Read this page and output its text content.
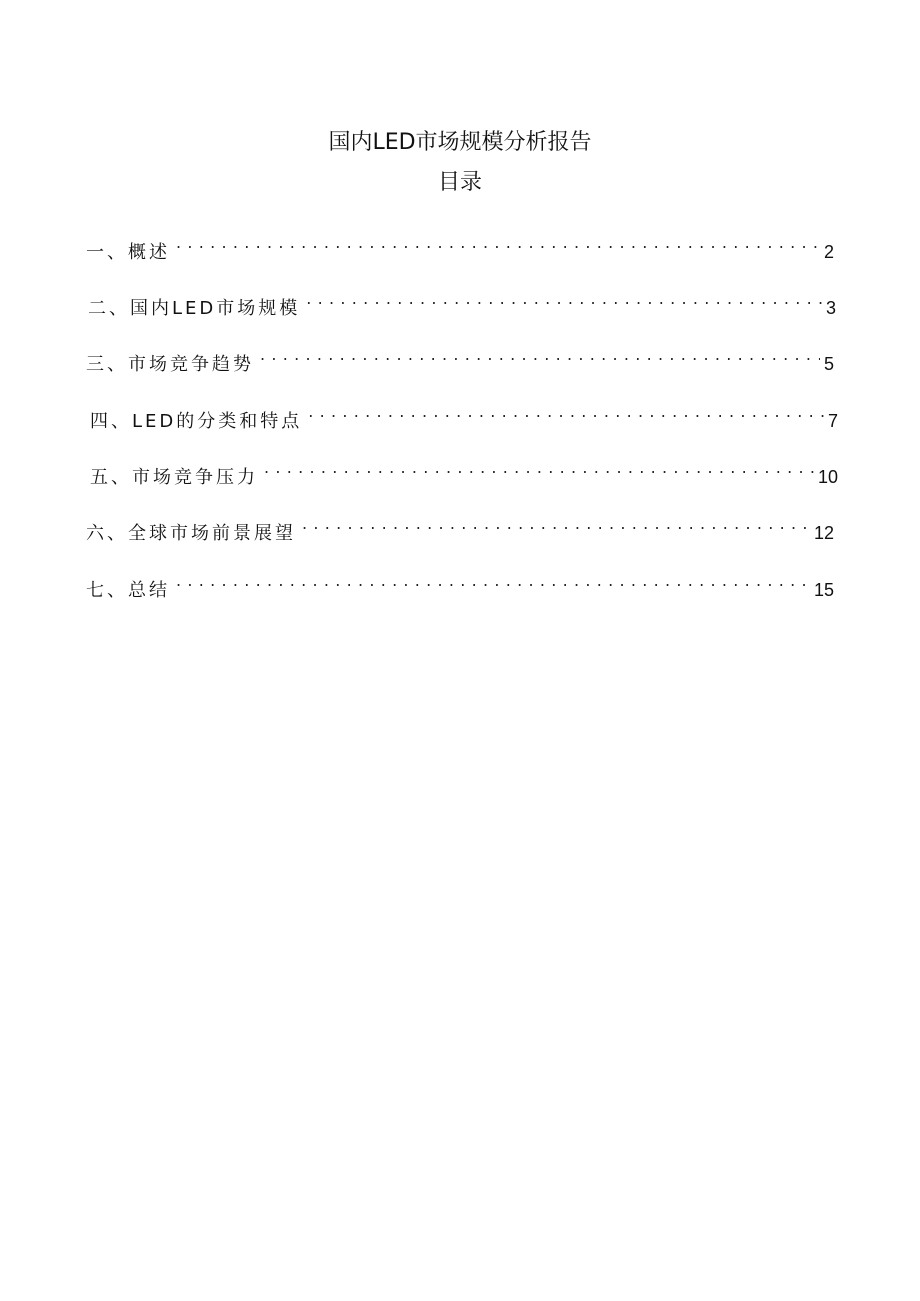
国内LED市场规模分析报告
目录
一、概述 . . .	2
二、国内LED市场规模 . . .	3
三、市场竞争趋势 . . .	5
四、LED的分类和特点 . . .	7
五、市场竞争压力 . . .	10
六、全球市场前景展望 . . .	12
七、总结 . . .	15
